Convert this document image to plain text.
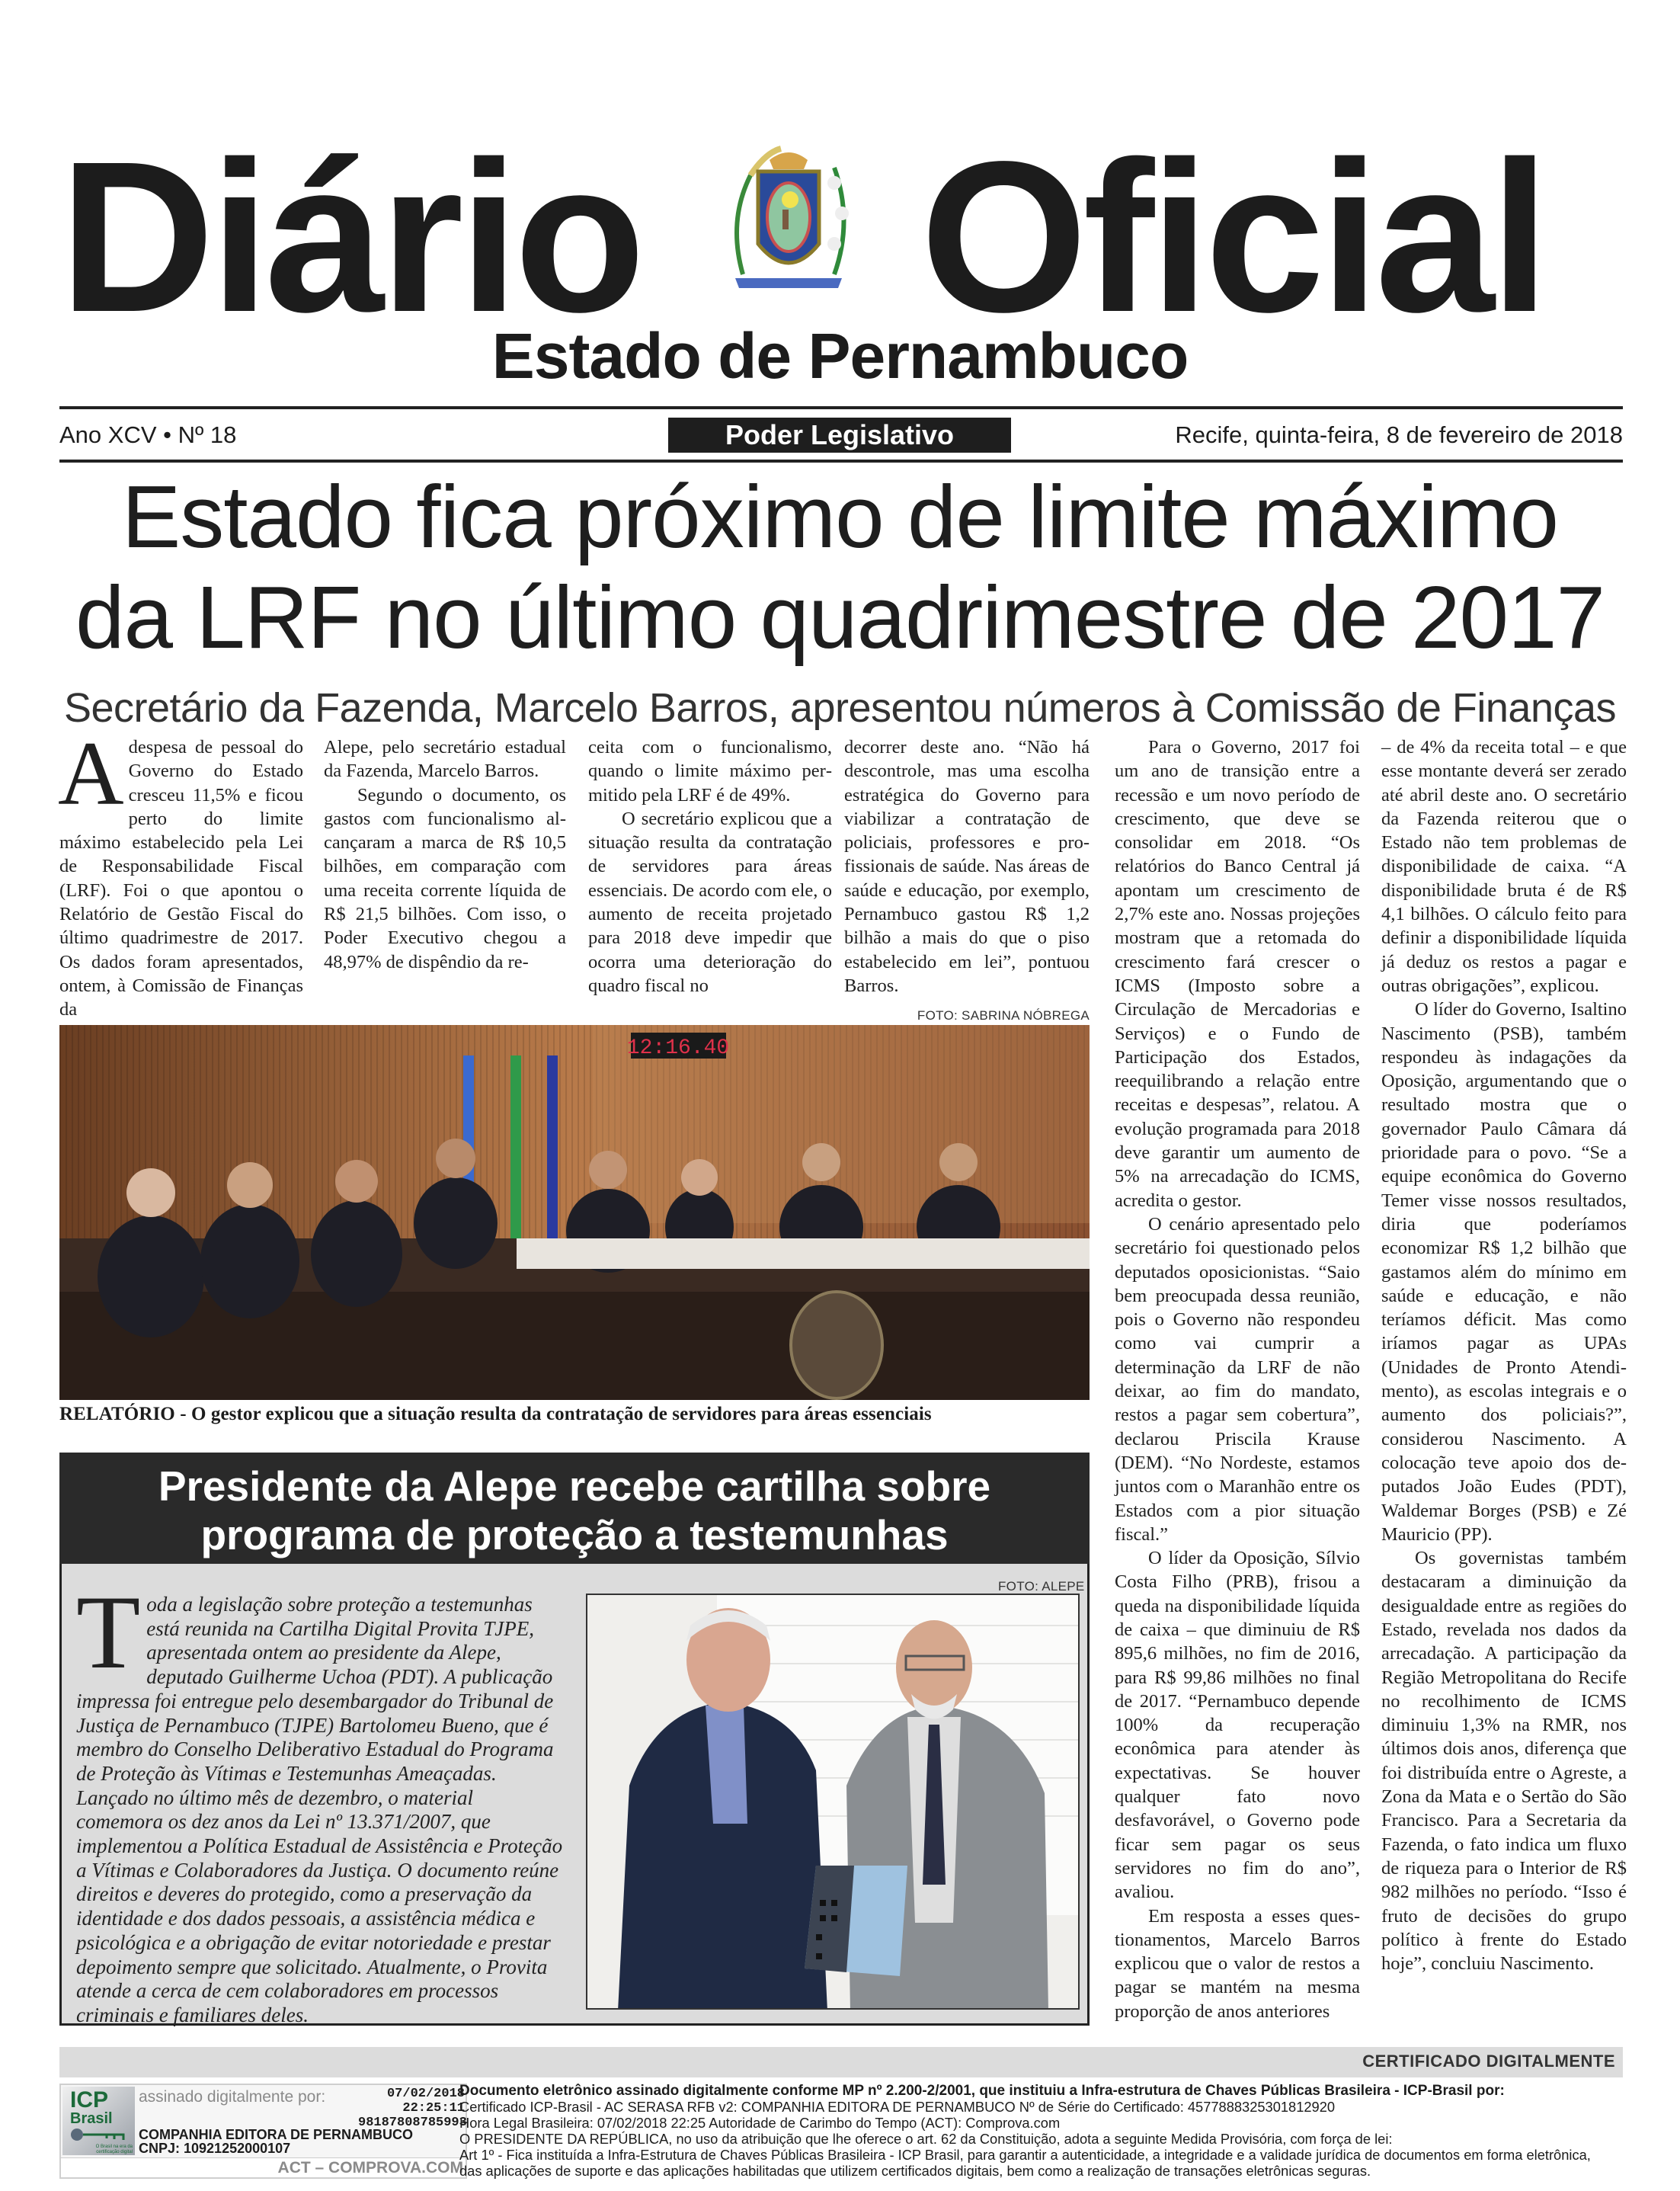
Diário Oficial
Estado de Pernambuco
Ano XCV • Nº 18	Poder Legislativo	Recife, quinta-feira, 8 de fevereiro de 2018
Estado fica próximo de limite máximo
da LRF no último quadrimestre de 2017
Secretário da Fazenda, Marcelo Barros, apresentou números à Comissão de Finanças
A despesa de pessoal do Governo do Estado cresceu 11,5% e ficou perto do limite máximo estabelecido pela Lei de Responsabilidade Fiscal (LRF). Foi o que apontou o Relatório de Gestão Fiscal do último quadrimestre de 2017. Os dados foram apresentados, ontem, à Comissão de Finanças da

Alepe, pelo secretário estadual da Fazenda, Marcelo Barros.

Segundo o documento, os gastos com funcionalismo alcançaram a marca de R$ 10,5 bilhões, em comparação com uma receita corrente líquida de R$ 21,5 bilhões. Com isso, o Poder Executivo chegou a 48,97% de dispêndio da re-

ceita com o funcionalismo, quando o limite máximo permitido pela LRF é de 49%.

O secretário explicou que a situação resulta da contratação de servidores para áreas essenciais. De acordo com ele, o aumento de receita projetado para 2018 deve impedir que ocorra uma deterioração do quadro fiscal no

decorrer deste ano. “Não há descontrole, mas uma escolha estratégica do Governo para viabilizar a contratação de policiais, professores e profissionais de saúde. Nas áreas de saúde e educação, por exemplo, Pernambuco gastou R$ 1,2 bilhão a mais do que o piso estabelecido em lei”, pontuou Barros.

Para o Governo, 2017 foi um ano de transição entre a recessão e um novo período de crescimento, que deve se consolidar em 2018. “Os relatórios do Banco Central já apontam um crescimento de 2,7% este ano. Nossas projeções mostram que a retomada do crescimento fará crescer o ICMS (Imposto sobre a Circulação de Mercadorias e Serviços) e o Fundo de Participação dos Estados, reequilibrando a relação entre receitas e despesas”, relatou. A evolução programada para 2018 deve garantir um aumento de 5% na arrecadação do ICMS, acredita o gestor.

O cenário apresentado pelo secretário foi questionado pelos deputados oposicionistas. “Saio bem preocupada dessa reunião, pois o Governo não respondeu como vai cumprir a determinação da LRF de não deixar, ao fim do mandato, restos a pagar sem cobertura”, declarou Priscila Krause (DEM). “No Nordeste, estamos juntos com o Maranhão entre os Estados com a pior situação fiscal.”

O líder da Oposição, Sílvio Costa Filho (PRB), frisou a queda na disponibilidade líquida de caixa – que diminuiu de R$ 895,6 milhões, no fim de 2016, para R$ 99,86 milhões no final de 2017. “Pernambuco depende 100% da recuperação econômica para atender às expectativas. Se houver qualquer fato novo desfavorável, o Governo pode ficar sem pagar os seus servidores no fim do ano”, avaliou.

Em resposta a esses questionamentos, Marcelo Barros explicou que o valor de restos a pagar se mantém na mesma proporção de anos anteriores

– de 4% da receita total – e que esse montante deverá ser zerado até abril deste ano. O secretário da Fazenda reiterou que o Estado não tem problemas de disponibilidade de caixa. “A disponibilidade bruta é de R$ 4,1 bilhões. O cálculo feito para definir a disponibilidade líquida já deduz os restos a pagar e outras obrigações”, explicou.

O líder do Governo, Isaltino Nascimento (PSB), também respondeu às indagações da Oposição, argumentando que o resultado mostra que o governador Paulo Câmara dá prioridade para o povo. “Se a equipe econômica do Governo Temer visse nossos resultados, diria que poderíamos economizar R$ 1,2 bilhão que gastamos além do mínimo em saúde e educação, e não teríamos déficit. Mas como iríamos pagar as UPAs (Unidades de Pronto Atendimento), as escolas integrais e o aumento dos policiais?”, considerou Nascimento. A colocação teve apoio dos deputados João Eudes (PDT), Waldemar Borges (PSB) e Zé Mauricio (PP).

Os governistas também destacaram a diminuição da desigualdade entre as regiões do Estado, revelada nos dados da arrecadação. A participação da Região Metropolitana do Recife no recolhimento de ICMS diminuiu 1,3% na RMR, nos últimos dois anos, diferença que foi distribuída entre o Agreste, a Zona da Mata e o Sertão do São Francisco. Para a Secretaria da Fazenda, o fato indica um fluxo de riqueza para o Interior de R$ 982 milhões no período. “Isso é fruto de decisões do grupo político à frente do Estado hoje”, concluiu Nascimento.

FOTO: SABRINA NÓBREGA
12:16.40
RELATÓRIO - O gestor explicou que a situação resulta da contratação de servidores para áreas essenciais
Presidente da Alepe recebe cartilha sobre
programa de proteção a testemunhas
T oda a legislação sobre proteção a testemunhas está reunida na Cartilha Digital Provita TJPE, apresentada ontem ao presidente da Alepe, deputado Guilherme Uchoa (PDT). A publicação impressa foi entregue pelo desembargador do Tribunal de Justiça de Pernambuco (TJPE) Bartolomeu Bueno, que é membro do Conselho Deliberativo Estadual do Programa de Proteção às Vítimas e Testemunhas Ameaçadas. Lançado no último mês de dezembro, o material comemora os dez anos da Lei nº 13.371/2007, que implementou a Política Estadual de Assistência e Proteção a Vítimas e Colaboradores da Justiça. O documento reúne direitos e deveres do protegido, como a preservação da identidade e dos dados pessoais, a assistência médica e psicológica e a obrigação de evitar notoriedade e prestar depoimento sempre que solicitado. Atualmente, o Provita atende a cerca de cem colaboradores em processos criminais e familiares deles.
FOTO: ALEPE
CERTIFICADO DIGITALMENTE
ICP
Brasil
O Brasil na era da certificação digital
assinado digitalmente por:	07/02/2018
22:25:11
98187808785993
COMPANHIA EDITORA DE PERNAMBUCO
CNPJ: 10921252000107
ACT – COMPROVA.COM
Documento eletrônico assinado digitalmente conforme MP nº 2.200-2/2001, que instituiu a Infra-estrutura de Chaves Públicas Brasileira - ICP-Brasil por:
Certificado ICP-Brasil - AC SERASA RFB v2: COMPANHIA EDITORA DE PERNAMBUCO Nº de Série do Certificado: 4577888325301812920
Hora Legal Brasileira: 07/02/2018 22:25 Autoridade de Carimbo do Tempo (ACT): Comprova.com
O PRESIDENTE DA REPÚBLICA, no uso da atribuição que lhe oferece o art. 62 da Constituição, adota a seguinte Medida Provisória, com força de lei:
Art 1º - Fica instituída a Infra-Estrutura de Chaves Públicas Brasileira - ICP Brasil, para garantir a autenticidade, a integridade e a validade jurídica de documentos em forma eletrônica,
das aplicações de suporte e das aplicações habilitadas que utilizem certificados digitais, bem como a realização de transações eletrônicas seguras.
